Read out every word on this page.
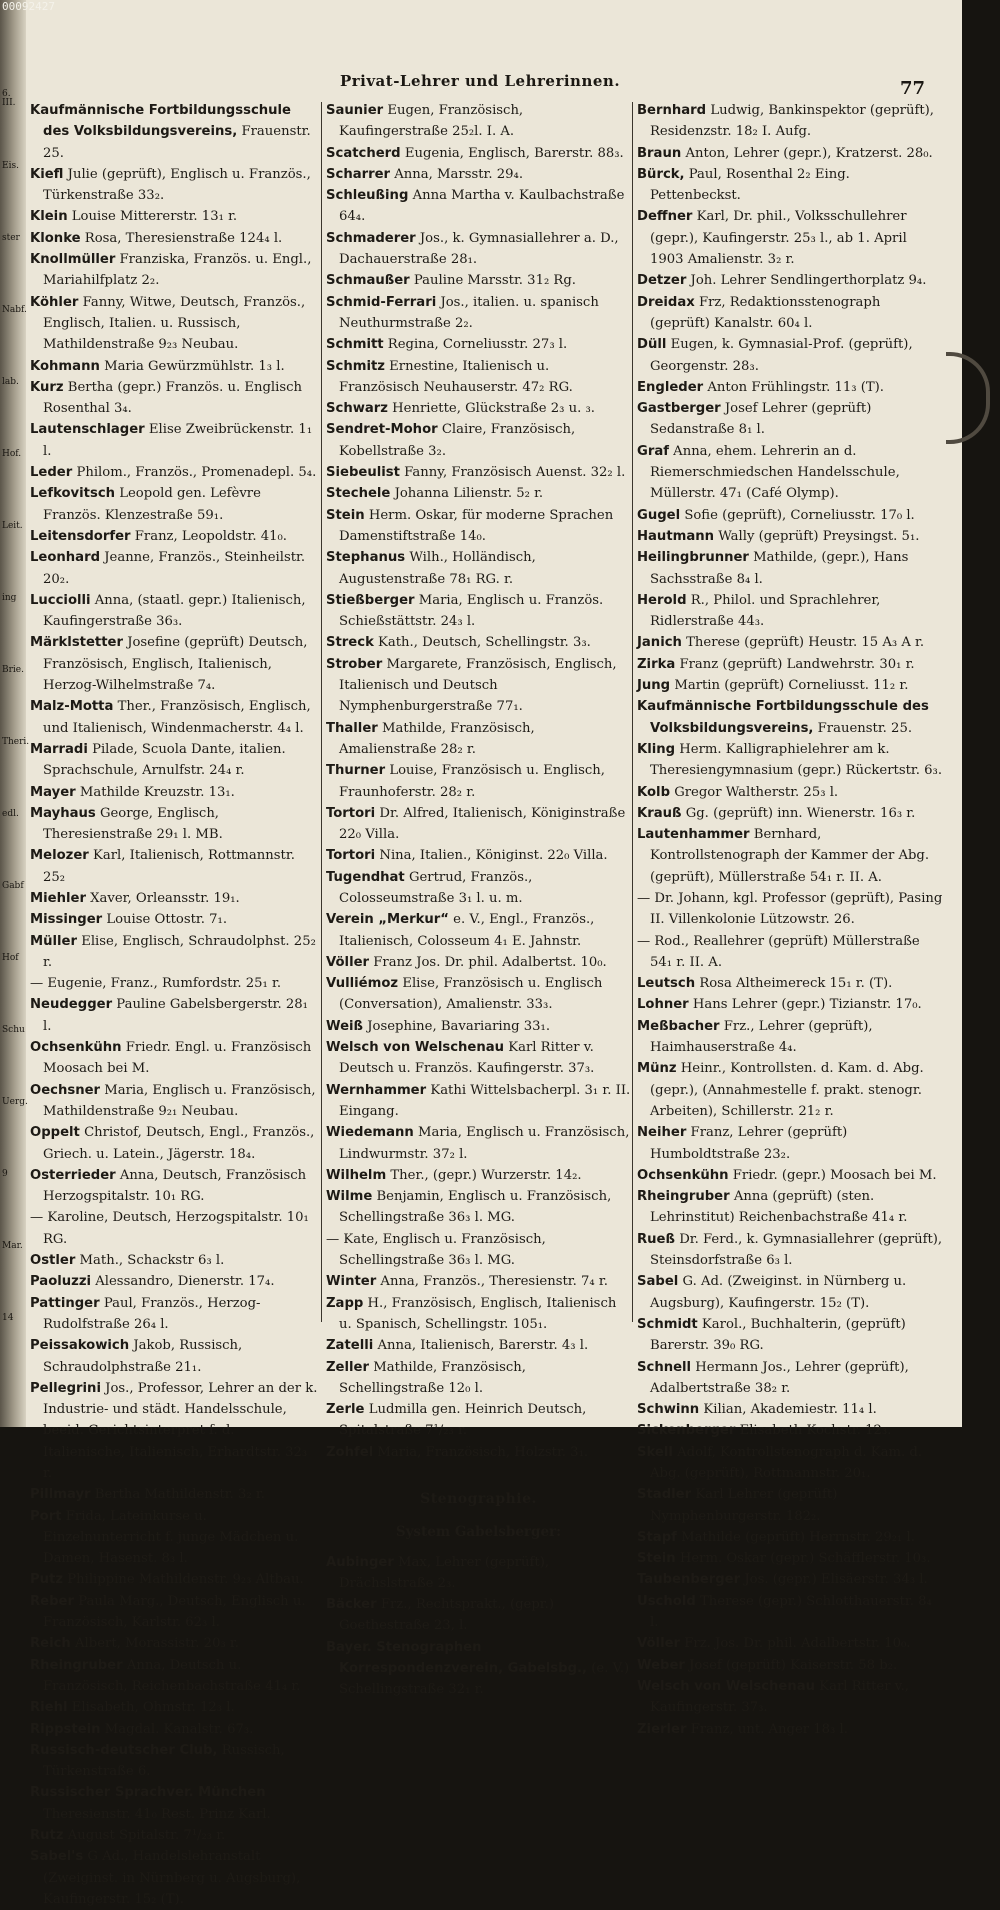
6. III.
Eis.
ster
Nabf.
lab.
Hof.
Leit.
ing
Brie.
Theri.
edl.
Gabf
Hof
Schu
Uerg.
9
Mar.
14
00092427
Privat-Lehrer und Lehrerinnen.	77

Kaufmännische Fortbildungsschule des Volksbildungsvereins, Frauenstr. 25.

Kiefl Julie (geprüft), Englisch u. Französ., Türkenstraße 33₂.

Klein Louise Mittererstr. 13₁ r.

Klonke Rosa, Theresienstraße 124₄ l.

Knollmüller Franziska, Französ. u. Engl., Mariahilfplatz 2₂.

Köhler Fanny, Witwe, Deutsch, Französ., Englisch, Italien. u. Russisch, Mathildenstraße 9₂₃ Neubau.

Kohmann Maria Gewürzmühlstr. 1₃ l.

Kurz Bertha (gepr.) Französ. u. Englisch Rosenthal 3₄.

Lautenschlager Elise Zweibrückenstr. 1₁ l.

Leder Philom., Französ., Promenadepl. 5₄.

Lefkovitsch Leopold gen. Lefèvre Französ. Klenzestraße 59₁.

Leitensdorfer Franz, Leopoldstr. 41₀.

Leonhard Jeanne, Französ., Steinheilstr. 20₂.

Lucciolli Anna, (staatl. gepr.) Italienisch, Kaufingerstraße 36₃.

Märklstetter Josefine (geprüft) Deutsch, Französisch, Englisch, Italienisch, Herzog-Wilhelmstraße 7₄.

Malz-Motta Ther., Französisch, Englisch, und Italienisch, Windenmacherstr. 4₄ l.

Marradi Pilade, Scuola Dante, italien. Sprachschule, Arnulfstr. 24₄ r.

Mayer Mathilde Kreuzstr. 13₁.

Mayhaus George, Englisch, Theresienstraße 29₁ l. MB.

Melozer Karl, Italienisch, Rottmannstr. 25₂

Miehler Xaver, Orleansstr. 19₁.

Missinger Louise Ottostr. 7₁.

Müller Elise, Englisch, Schraudolphst. 25₂ r.

— Eugenie, Franz., Rumfordstr. 25₁ r.

Neudegger Pauline Gabelsbergerstr. 28₁ l.

Ochsenkühn Friedr. Engl. u. Französisch Moosach bei M.

Oechsner Maria, Englisch u. Französisch, Mathildenstraße 9₂₁ Neubau.

Oppelt Christof, Deutsch, Engl., Französ., Griech. u. Latein., Jägerstr. 18₄.

Osterrieder Anna, Deutsch, Französisch Herzogspitalstr. 10₁ RG.

— Karoline, Deutsch, Herzogspitalstr. 10₁ RG.

Ostler Math., Schackstr 6₃ l.

Paoluzzi Alessandro, Dienerstr. 17₄.

Pattinger Paul, Französ., Herzog-Rudolfstraße 26₄ l.

Peissakowich Jakob, Russisch, Schraudolphstraße 21₁.

Pellegrini Jos., Professor, Lehrer an der k. Industrie- und städt. Handelsschule, beeid. Gerichtsinterpret f. d. Italienische, Italienisch, Erhardtstr. 32₃ r.

Pillmayr Bertha Mathildenstr. 3₂ r.

Port Frida, Lateinkurse u. Einzelnunterricht f. junge Mädchen u. Damen, Hasenst. 8₃ l.

Putz Philippine Mathildenstr. 9₂₃ Altbau.

Reber Paula Marg., Deutsch, Englisch u. Französisch, Karlstr. 62₃ l.

Reich Albert, Morassistr. 20₃ r.

Rheingruber Anna, Deutsch u. Französisch, Reichenbachstraße 41₄ r.

Riehl Elisabeth, Ohmstr. 12₃ l.

Rippstein Magdal. Kanalstr. 67₃.

Russisch-deutscher Club, Russisch, Türkenstraße 6.

Russischer Sprachver. München Theresienstr. 41₀ Rest. Prinz Karl.

Rutz August Spitalstr. 7¹/₂₃ r.

Sabel's G Ad., Handelslehranstalt (Zweiginst. in Nürnberg u. Augsburg), Kaufingerstr. 15₂ (T).

Saunier Eugen, Französisch, Kaufingerstraße 25₂l. I. A.

Scatcherd Eugenia, Englisch, Barerstr. 88₃.

Scharrer Anna, Marsstr. 29₄.

Schleußing Anna Martha v. Kaulbachstraße 64₄.

Schmaderer Jos., k. Gymnasiallehrer a. D., Dachauerstraße 28₁.

Schmaußer Pauline Marsstr. 31₂ Rg.

Schmid-Ferrari Jos., italien. u. spanisch Neuthurmstraße 2₂.

Schmitt Regina, Corneliusstr. 27₃ l.

Schmitz Ernestine, Italienisch u. Französisch Neuhauserstr. 47₂ RG.

Schwarz Henriette, Glückstraße 2₃ u. ₃.

Sendret-Mohor Claire, Französisch, Kobellstraße 3₂.

Siebeulist Fanny, Französisch Auenst. 32₂ l.

Stechele Johanna Lilienstr. 5₂ r.

Stein Herm. Oskar, für moderne Sprachen Damenstiftstraße 14₀.

Stephanus Wilh., Holländisch, Augustenstraße 78₁ RG. r.

Stießberger Maria, Englisch u. Französ. Schießstättstr. 24₃ l.

Streck Kath., Deutsch, Schellingstr. 3₃.

Strober Margarete, Französisch, Englisch, Italienisch und Deutsch Nymphenburgerstraße 77₁.

Thaller Mathilde, Französisch, Amalienstraße 28₂ r.

Thurner Louise, Französisch u. Englisch, Fraunhoferstr. 28₂ r.

Tortori Dr. Alfred, Italienisch, Königinstraße 22₀ Villa.

Tortori Nina, Italien., Königinst. 22₀ Villa.

Tugendhat Gertrud, Französ., Colosseumstraße 3₁ l. u. m.

Verein „Merkur“ e. V., Engl., Französ., Italienisch, Colosseum 4₁ E. Jahnstr.

Völler Franz Jos. Dr. phil. Adalbertst. 10₀.

Vulliémoz Elise, Französisch u. Englisch (Conversation), Amalienstr. 33₃.

Weiß Josephine, Bavariaring 33₁.

Welsch von Welschenau Karl Ritter v. Deutsch u. Französ. Kaufingerstr. 37₃.

Wernhammer Kathi Wittelsbacherpl. 3₁ r. II. Eingang.

Wiedemann Maria, Englisch u. Französisch, Lindwurmstr. 37₂ l.

Wilhelm Ther., (gepr.) Wurzerstr. 14₂.

Wilme Benjamin, Englisch u. Französisch, Schellingstraße 36₃ l. MG.

— Kate, Englisch u. Französisch, Schellingstraße 36₃ l. MG.

Winter Anna, Französ., Theresienstr. 7₄ r.

Zapp H., Französisch, Englisch, Italienisch u. Spanisch, Schellingstr. 105₁.

Zatelli Anna, Italienisch, Barerstr. 4₃ l.

Zeller Mathilde, Französisch, Schellingstraße 12₀ l.

Zerle Ludmilla gen. Heinrich Deutsch, Spitalstraße 7¹/₂₃ r.

Zohfel Maria, Französisch, Holzstr. 3₁.

Stenographie.
System Gabelsberger:

Aubinger Max, Lehrer (geprüft), Drächslstraße 2₃.

Bäcker Frz., Rechtsprakt., (gepr.) Goethestraße 23, l.

Bayer. Stenographen Korrespondenzverein, Gabelsbg., (e. V.) Schellingstraße 32₁ r.

Bernhard Ludwig, Bankinspektor (geprüft), Residenzstr. 18₂ I. Aufg.

Braun Anton, Lehrer (gepr.), Kratzerst. 28₀.

Bürck, Paul, Rosenthal 2₂ Eing. Pettenbeckst.

Deffner Karl, Dr. phil., Volksschullehrer (gepr.), Kaufingerstr. 25₃ l., ab 1. April 1903 Amalienstr. 3₂ r.

Detzer Joh. Lehrer Sendlingerthorplatz 9₄.

Dreidax Frz, Redaktionsstenograph (geprüft) Kanalstr. 60₄ l.

Düll Eugen, k. Gymnasial-Prof. (geprüft), Georgenstr. 28₃.

Engleder Anton Frühlingstr. 11₃ (T).

Gastberger Josef Lehrer (geprüft) Sedanstraße 8₁ l.

Graf Anna, ehem. Lehrerin an d. Riemerschmiedschen Handelsschule, Müllerstr. 47₁ (Café Olymp).

Gugel Sofie (geprüft), Corneliusstr. 17₀ l.

Hautmann Wally (geprüft) Preysingst. 5₁.

Heilingbrunner Mathilde, (gepr.), Hans Sachsstraße 8₄ l.

Herold R., Philol. und Sprachlehrer, Ridlerstraße 44₃.

Janich Therese (geprüft) Heustr. 15 A₃ A r.

Zirka Franz (geprüft) Landwehrstr. 30₁ r.

Jung Martin (geprüft) Corneliusst. 11₂ r.

Kaufmännische Fortbildungsschule des Volksbildungsvereins, Frauenstr. 25.

Kling Herm. Kalligraphielehrer am k. Theresiengymnasium (gepr.) Rückertstr. 6₃.

Kolb Gregor Waltherstr. 25₃ l.

Krauß Gg. (geprüft) inn. Wienerstr. 16₃ r.

Lautenhammer Bernhard, Kontrollstenograph der Kammer der Abg. (geprüft), Müllerstraße 54₁ r. II. A.

— Dr. Johann, kgl. Professor (geprüft), Pasing II. Villenkolonie Lützowstr. 26.

— Rod., Reallehrer (geprüft) Müllerstraße 54₁ r. II. A.

Leutsch Rosa Altheimereck 15₁ r. (T).

Lohner Hans Lehrer (gepr.) Tizianstr. 17₀.

Meßbacher Frz., Lehrer (geprüft), Haimhauserstraße 4₄.

Münz Heinr., Kontrollsten. d. Kam. d. Abg. (gepr.), (Annahmestelle f. prakt. stenogr. Arbeiten), Schillerstr. 21₂ r.

Neiher Franz, Lehrer (geprüft) Humboldtstraße 23₂.

Ochsenkühn Friedr. (gepr.) Moosach bei M.

Rheingruber Anna (geprüft) (sten. Lehrinstitut) Reichenbachstraße 41₄ r.

Rueß Dr. Ferd., k. Gymnasiallehrer (geprüft), Steinsdorfstraße 6₃ l.

Sabel G. Ad. (Zweiginst. in Nürnberg u. Augsburg), Kaufingerstr. 15₂ (T).

Schmidt Karol., Buchhalterin, (geprüft) Barerstr. 39₀ RG.

Schnell Hermann Jos., Lehrer (geprüft), Adalbertstraße 38₂ r.

Schwinn Kilian, Akademiestr. 11₄ l.

Sickenberger Elisabeth Kochstr. 12₃.

Skell Adolf, Kontrollstenograph d. Kam. d. Abg. (geprüft), Rottmannstr. 20₁.

Stadler Karl Lehrer (geprüft) Nymphenburgerstr. 182₂.

Stapf Mathilde (geprüft) Herrnstr. 29₂₁ l.

Stein Herm. Oskar (gepr.) Schäfflerstr. 10₃.

Taubenberger Jos. (gepr.) Elisäerstr. 34₃ l.

Uschold Therese (gepr.) Schlotthauerstr. 8₄ l.

Völler Frz. Jos. Dr. phil. Adalbertstr. 10₀.

Weber Josef (geprüft) Kaiserstr. 58 b₂.

Welsch von Welschenau Karl Ritter v., Kaufingerstr. 37₃.

Zierler Franz, unt. Anger 18₃ l.
